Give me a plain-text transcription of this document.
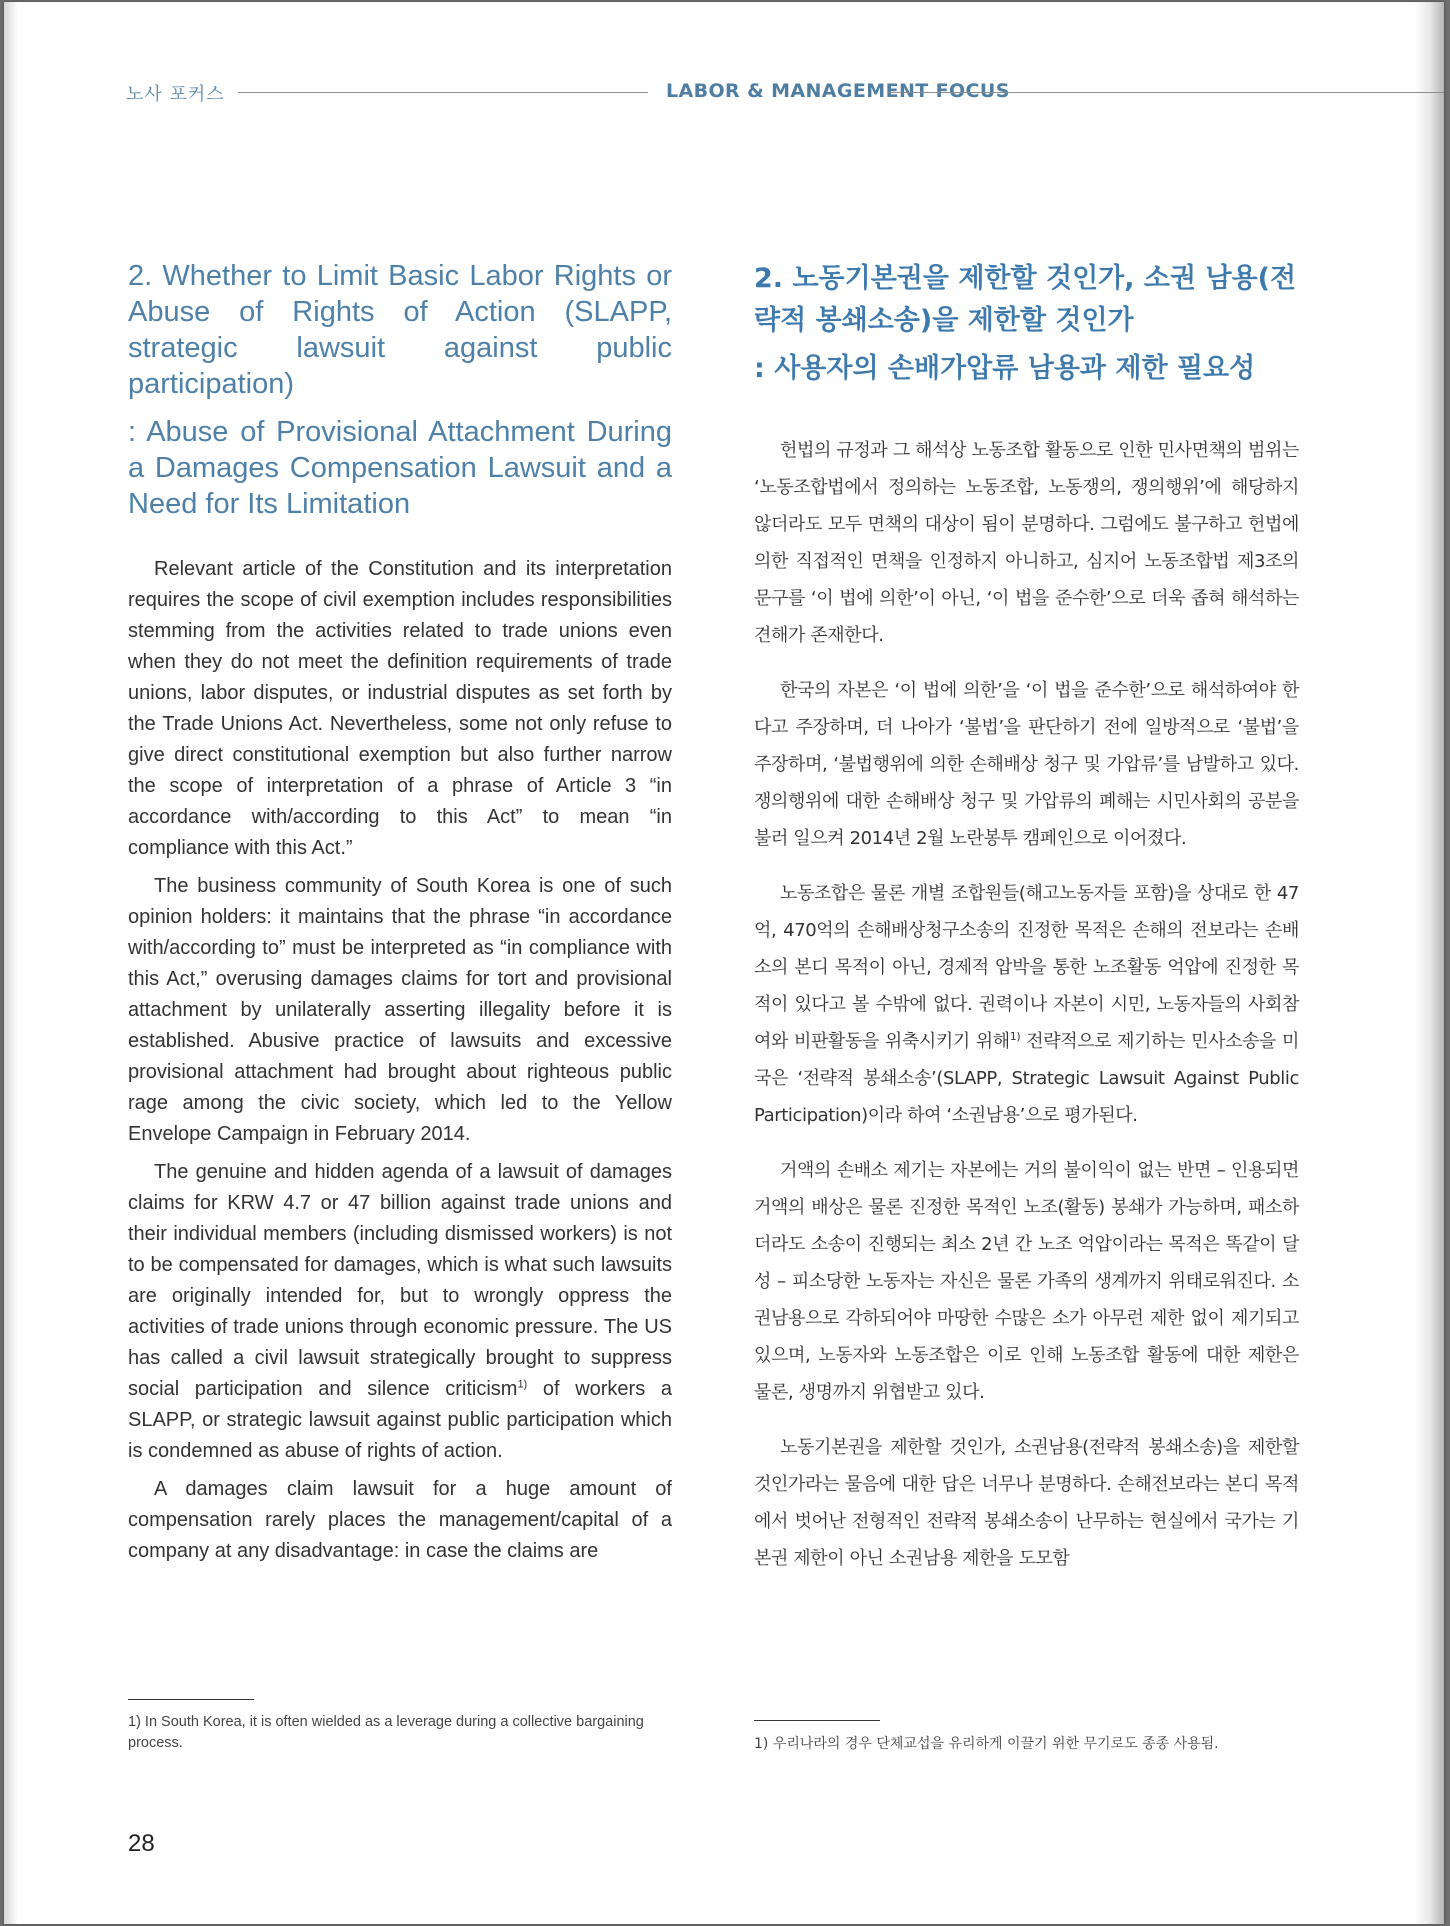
노사 포커스	LABOR & MANAGEMENT FOCUS
2. Whether to Limit Basic Labor Rights or Abuse of Rights of Action (SLAPP, strategic lawsuit against public participation)
: Abuse of Provisional Attachment During a Damages Compensation Lawsuit and a Need for Its Limitation

Relevant article of the Constitution and its interpretation requires the scope of civil exemption includes responsibilities stemming from the activities related to trade unions even when they do not meet the definition requirements of trade unions, labor disputes, or industrial disputes as set forth by the Trade Unions Act. Nevertheless, some not only refuse to give direct constitutional exemption but also further narrow the scope of interpretation of a phrase of Article 3 “in accordance with/according to this Act” to mean “in compliance with this Act.”

The business community of South Korea is one of such opinion holders: it maintains that the phrase “in accordance with/according to” must be interpreted as “in compliance with this Act,” overusing damages claims for tort and provisional attachment by unilaterally asserting illegality before it is established. Abusive practice of lawsuits and excessive provisional attachment had brought about righteous public rage among the civic society, which led to the Yellow Envelope Campaign in February 2014.

The genuine and hidden agenda of a lawsuit of damages claims for KRW 4.7 or 47 billion against trade unions and their individual members (including dismissed workers) is not to be compensated for damages, which is what such lawsuits are originally intended for, but to wrongly oppress the activities of trade unions through economic pressure. The US has called a civil lawsuit strategically brought to suppress social participation and silence criticism$^{1)}$ of workers a SLAPP, or strategic lawsuit against public participation which is condemned as abuse of rights of action.

A damages claim lawsuit for a huge amount of compensation rarely places the management/capital of a company at any disadvantage: in case the claims are

2. 노동기본권을 제한할 것인가, 소권 남용(전략적 봉쇄소송)을 제한할 것인가
: 사용자의 손배가압류 남용과 제한 필요성

헌법의 규정과 그 해석상 노동조합 활동으로 인한 민사면책의 범위는 ‘노동조합법에서 정의하는 노동조합, 노동쟁의, 쟁의행위’에 해당하지 않더라도 모두 면책의 대상이 됨이 분명하다. 그럼에도 불구하고 헌법에 의한 직접적인 면책을 인정하지 아니하고, 심지어 노동조합법 제3조의 문구를 ‘이 법에 의한’이 아닌, ‘이 법을 준수한’으로 더욱 좁혀 해석하는 견해가 존재한다.

한국의 자본은 ‘이 법에 의한’을 ‘이 법을 준수한’으로 해석하여야 한다고 주장하며, 더 나아가 ‘불법’을 판단하기 전에 일방적으로 ‘불법’을 주장하며, ‘불법행위에 의한 손해배상 청구 및 가압류’를 남발하고 있다. 쟁의행위에 대한 손해배상 청구 및 가압류의 폐해는 시민사회의 공분을 불러 일으켜 2014년 2월 노란봉투 캠페인으로 이어졌다.

노동조합은 물론 개별 조합원들(해고노동자들 포함)을 상대로 한 47억, 470억의 손해배상청구소송의 진정한 목적은 손해의 전보라는 손배소의 본디 목적이 아닌, 경제적 압박을 통한 노조활동 억압에 진정한 목적이 있다고 볼 수밖에 없다. 권력이나 자본이 시민, 노동자들의 사회참여와 비판활동을 위축시키기 위해$^{1)}$ 전략적으로 제기하는 민사소송을 미국은 ‘전략적 봉쇄소송’(SLAPP, Strategic Lawsuit Against Public Participation)이라 하여 ‘소권남용’으로 평가된다.

거액의 손배소 제기는 자본에는 거의 불이익이 없는 반면 – 인용되면 거액의 배상은 물론 진정한 목적인 노조(활동) 봉쇄가 가능하며, 패소하더라도 소송이 진행되는 최소 2년 간 노조 억압이라는 목적은 똑같이 달성 – 피소당한 노동자는 자신은 물론 가족의 생계까지 위태로워진다. 소권남용으로 각하되어야 마땅한 수많은 소가 아무런 제한 없이 제기되고 있으며, 노동자와 노동조합은 이로 인해 노동조합 활동에 대한 제한은 물론, 생명까지 위협받고 있다.

노동기본권을 제한할 것인가, 소권남용(전략적 봉쇄소송)을 제한할 것인가라는 물음에 대한 답은 너무나 분명하다. 손해전보라는 본디 목적에서 벗어난 전형적인 전략적 봉쇄소송이 난무하는 현실에서 국가는 기본권 제한이 아닌 소권남용 제한을 도모함

1) In South Korea, it is often wielded as a leverage during a collective bargaining process.	1) 우리나라의 경우 단체교섭을 유리하게 이끌기 위한 무기로도 종종 사용됨.
28
